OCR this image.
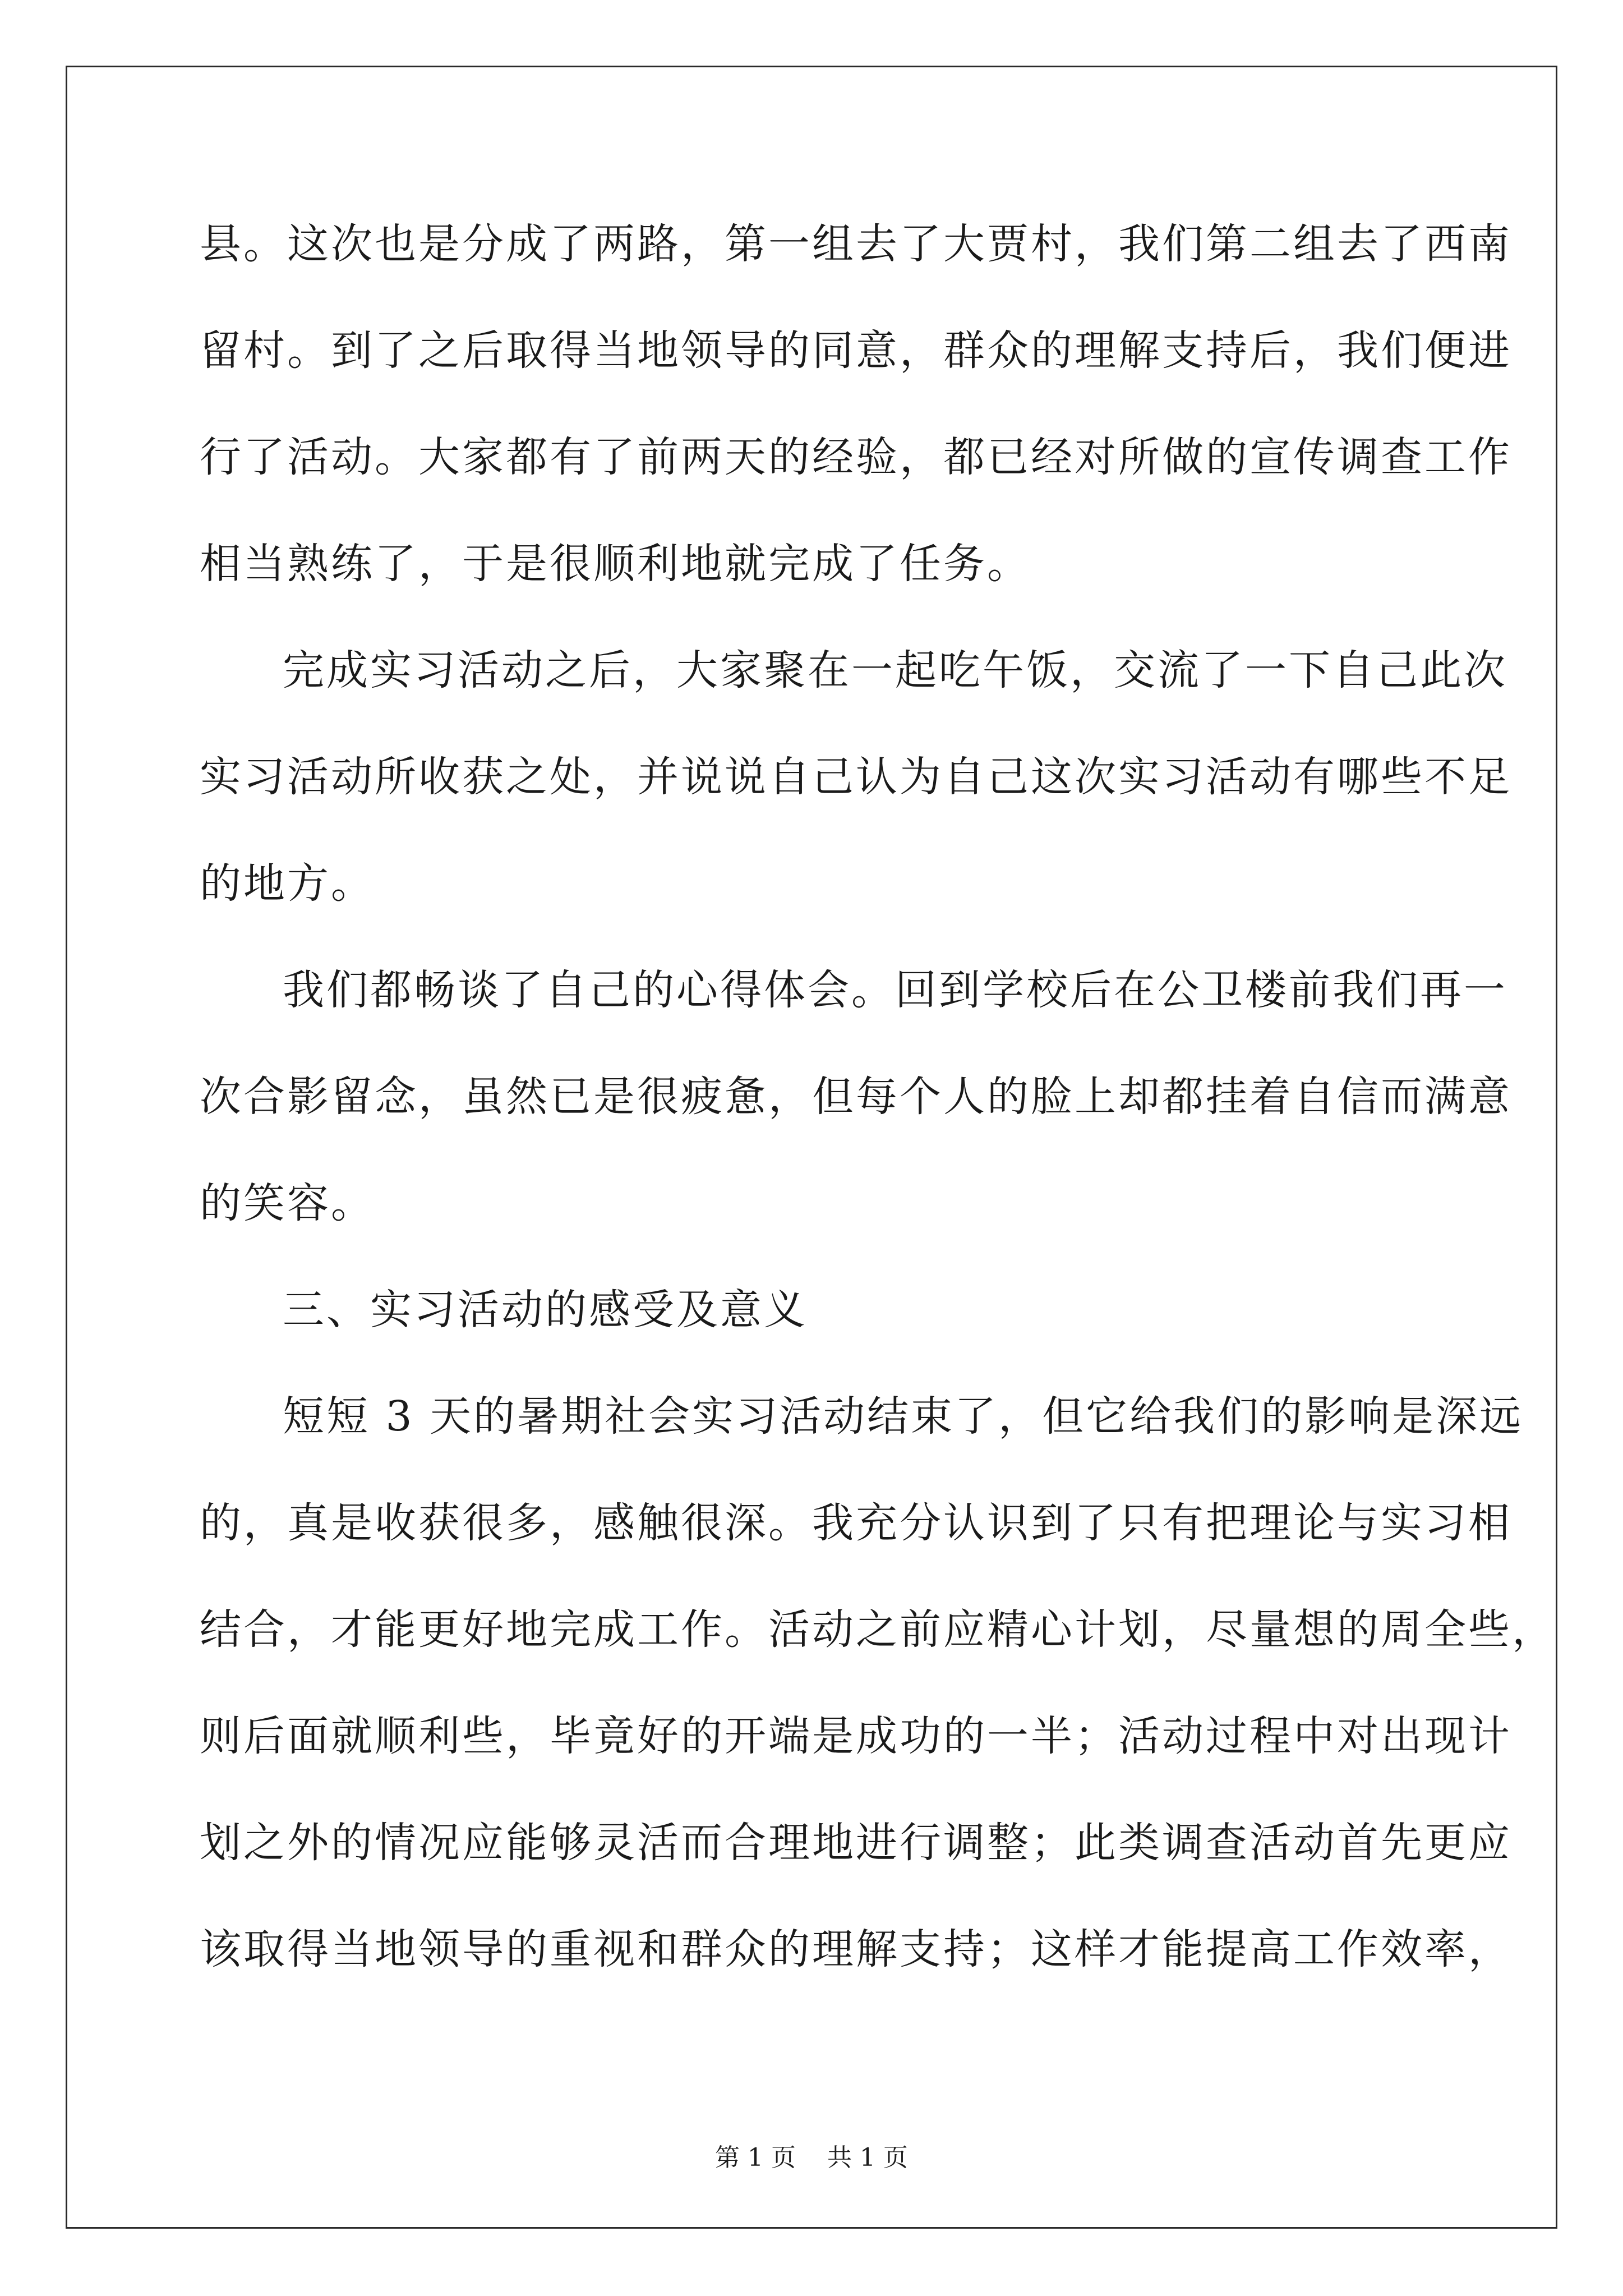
县。这次也是分成了两路，第一组去了大贾村，我们第二组去了西南
留村。到了之后取得当地领导的同意，群众的理解支持后，我们便进
行了活动。大家都有了前两天的经验，都已经对所做的宣传调查工作
相当熟练了，于是很顺利地就完成了任务。
完成实习活动之后，大家聚在一起吃午饭，交流了一下自己此次
实习活动所收获之处，并说说自己认为自己这次实习活动有哪些不足
的地方。
我们都畅谈了自己的心得体会。回到学校后在公卫楼前我们再一
次合影留念，虽然已是很疲惫，但每个人的脸上却都挂着自信而满意
的笑容。
三、实习活动的感受及意义
短短 3 天的暑期社会实习活动结束了，但它给我们的影响是深远
的，真是收获很多，感触很深。我充分认识到了只有把理论与实习相
结合，才能更好地完成工作。活动之前应精心计划，尽量想的周全些，
则后面就顺利些，毕竟好的开端是成功的一半；活动过程中对出现计
划之外的情况应能够灵活而合理地进行调整；此类调查活动首先更应
该取得当地领导的重视和群众的理解支持；这样才能提高工作效率，
第 1 页    共 1 页
